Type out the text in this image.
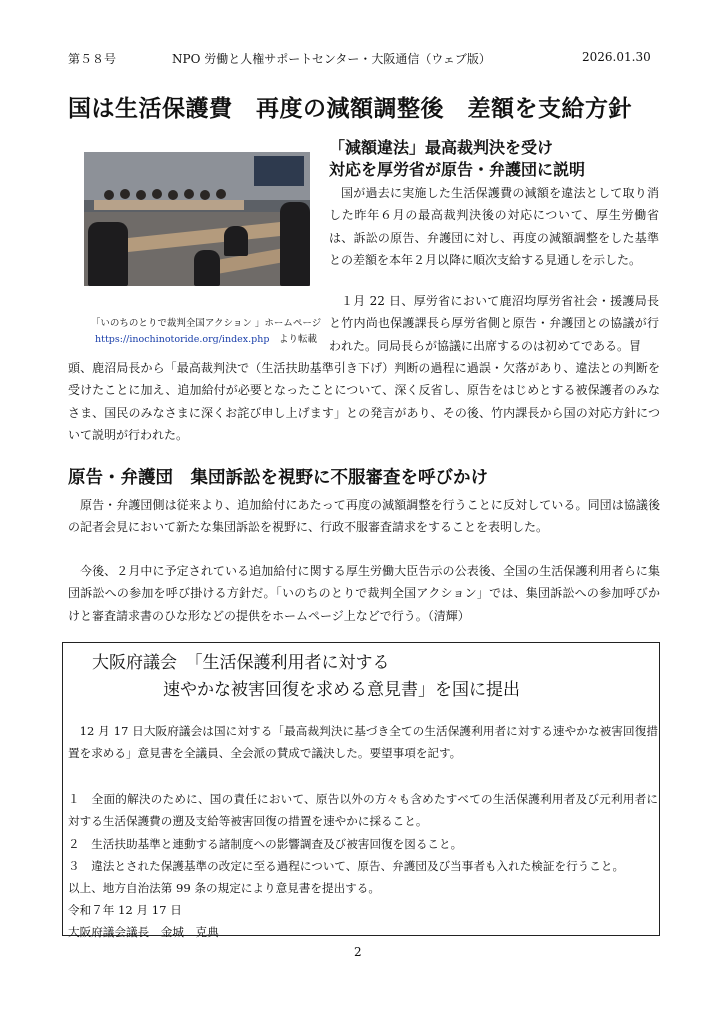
第５８号	NPO 労働と人権サポートセンター・大阪通信（ウェブ版）	2026.01.30
国は生活保護費　再度の減額調整後　差額を支給方針
「いのちのとりで裁判全国アクション 」ホームページ
https://inochinotoride.org/index.php　 より転載
「減額違法」最高裁判決を受け
対応を厚労省が原告・弁護団に説明
国が過去に実施した生活保護費の減額を違法として取り消した昨年６月の最高裁判決後の対応について、厚生労働省は、訴訟の原告、弁護団に対し、再度の減額調整をした基準との差額を本年２月以降に順次支給する見通しを示した。
１月 22 日、厚労省において鹿沼均厚労省社会・援護局長と竹内尚也保護課長ら厚労省側と原告・弁護団との協議が行われた。同局長らが協議に出席するのは初めてである。冒
頭、鹿沼局長から「最高裁判決で（生活扶助基準引き下げ）判断の過程に過誤・欠落があり、違法との判断を受けたことに加え、追加給付が必要となったことについて、深く反省し、原告をはじめとする被保護者のみなさま、国民のみなさまに深くお詫び申し上げます」との発言があり、その後、竹内課長から国の対応方針について説明が行われた。
原告・弁護団　集団訴訟を視野に不服審査を呼びかけ
原告・弁護団側は従来より、追加給付にあたって再度の減額調整を行うことに反対している。同団は協議後の記者会見において新たな集団訴訟を視野に、行政不服審査請求をすることを表明した。
今後、２月中に予定されている追加給付に関する厚生労働大臣告示の公表後、全国の生活保護利用者らに集団訴訟への参加を呼び掛ける方針だ。「いのちのとりで裁判全国アクション」では、集団訴訟への参加呼びかけと審査請求書のひな形などの提供をホームページ上などで行う。（清輝）
大阪府議会　「生活保護利用者に対する
速やかな被害回復を求める意見書」を国に提出
12 月 17 日大阪府議会は国に対する「最高裁判決に基づき全ての生活保護利用者に対する速やかな被害回復措置を求める」意見書を全議員、全会派の賛成で議決した。要望事項を記す。
１　全面的解決のために、国の責任において、原告以外の方々も含めたすべての生活保護利用者及び元利用者に対する生活保護費の遡及支給等被害回復の措置を速やかに採ること。
２　生活扶助基準と連動する諸制度への影響調査及び被害回復を図ること。
３　違法とされた保護基準の改定に至る過程について、原告、弁護団及び当事者も入れた検証を行うこと。
以上、地方自治法第 99 条の規定により意見書を提出する。
令和７年 12 月 17 日
大阪府議会議長　金城　克典
2
